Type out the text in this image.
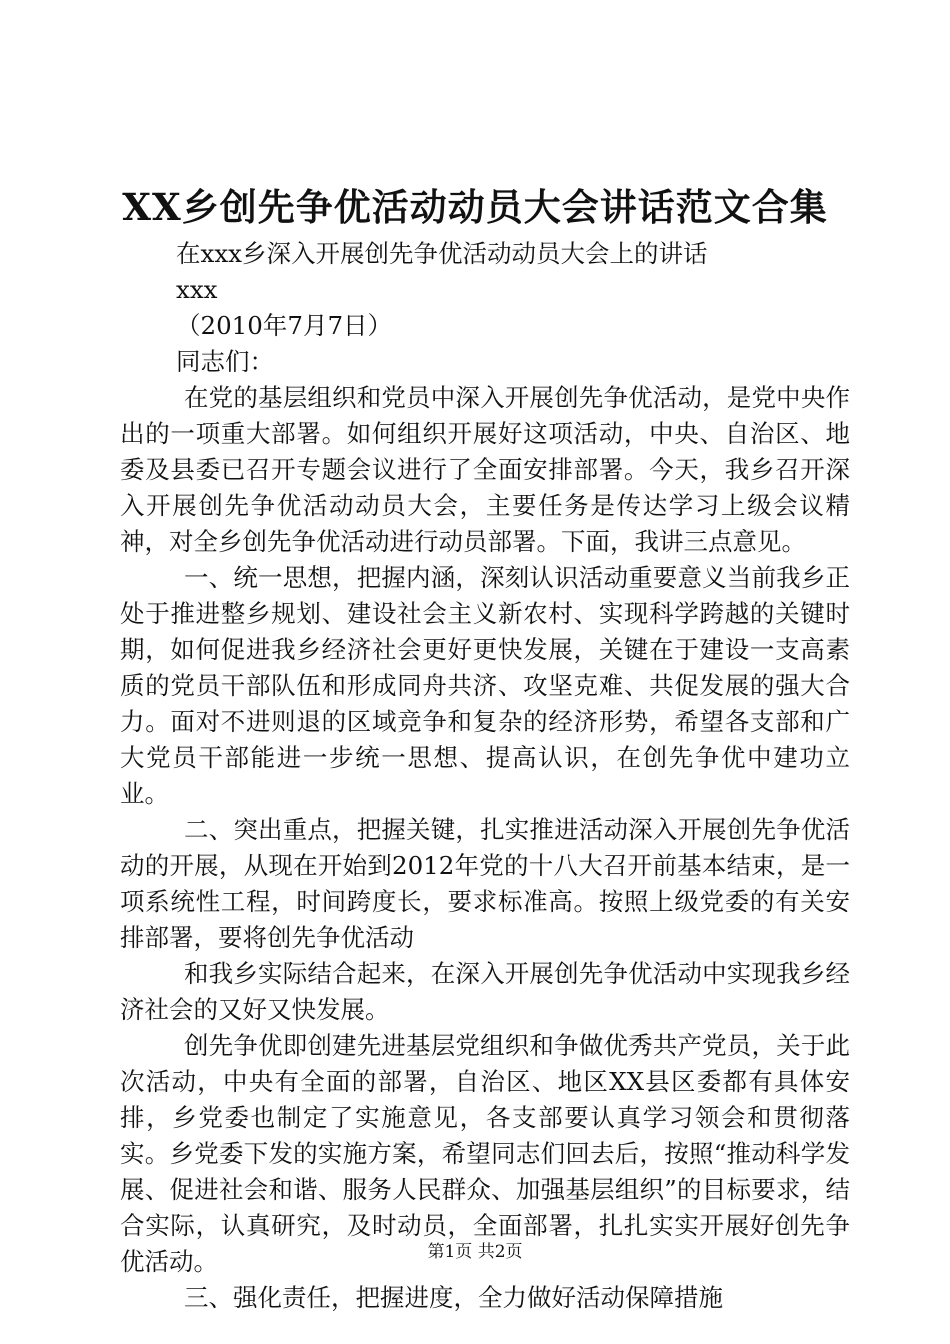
XX乡创先争优活动动员大会讲话范文合集

在xxx乡深入开展创先争优活动动员大会上的讲话

xxx

（2010年7月7日）

同志们：

在党的基层组织和党员中深入开展创先争优活动，是党中央作出的一项重大部署。如何组织开展好这项活动，中央、自治区、地委及县委已召开专题会议进行了全面安排部署。今天，我乡召开深入开展创先争优活动动员大会，主要任务是传达学习上级会议精神，对全乡创先争优活动进行动员部署。下面，我讲三点意见。

一、统一思想，把握内涵，深刻认识活动重要意义当前我乡正处于推进整乡规划、建设社会主义新农村、实现科学跨越的关键时期，如何促进我乡经济社会更好更快发展，关键在于建设一支高素质的党员干部队伍和形成同舟共济、攻坚克难、共促发展的强大合力。面对不进则退的区域竞争和复杂的经济形势，希望各支部和广大党员干部能进一步统一思想、提高认识，在创先争优中建功立业。

二、突出重点，把握关键，扎实推进活动深入开展创先争优活动的开展，从现在开始到2012年党的十八大召开前基本结束，是一项系统性工程，时间跨度长，要求标准高。按照上级党委的有关安排部署，要将创先争优活动

和我乡实际结合起来，在深入开展创先争优活动中实现我乡经济社会的又好又快发展。

创先争优即创建先进基层党组织和争做优秀共产党员，关于此次活动，中央有全面的部署，自治区、地区XX县区委都有具体安排，乡党委也制定了实施意见，各支部要认真学习领会和贯彻落实。乡党委下发的实施方案，希望同志们回去后，按照“推动科学发展、促进社会和谐、服务人民群众、加强基层组织”的目标要求，结合实际，认真研究，及时动员，全面部署，扎扎实实开展好创先争优活动。

三、强化责任，把握进度，全力做好活动保障措施

第1页 共2页
